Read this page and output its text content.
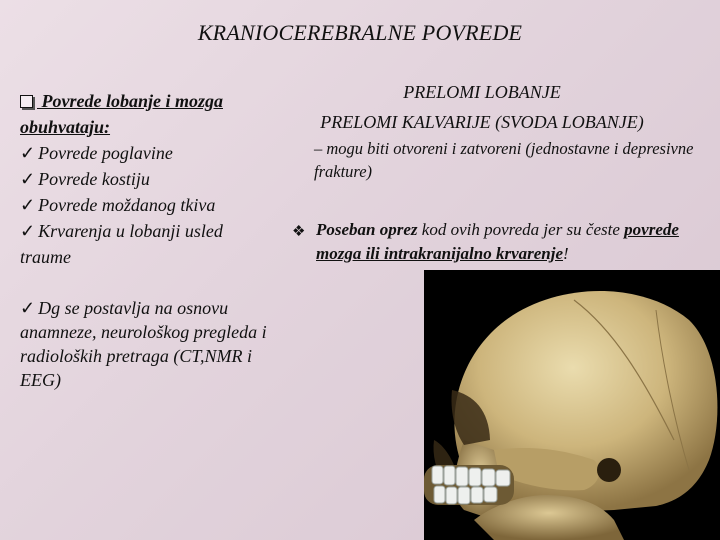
KRANIOCEREBRALNE POVREDE
Povrede lobanje i mozga
obuhvataju:
✓ Povrede poglavine
✓ Povrede kostiju
✓ Povrede moždanog tkiva
✓ Krvarenja u lobanji usled traume
✓ Dg se postavlja na osnovu anamneze, neurološkog pregleda i radioloških pretraga (CT,NMR i EEG)
PRELOMI LOBANJE
PRELOMI KALVARIJE (SVODA LOBANJE)
– mogu biti otvoreni i zatvoreni (jednostavne i depresivne frakture)
❖ Poseban oprez kod ovih povreda jer su česte povrede mozga ili intrakranijalno krvarenje!
